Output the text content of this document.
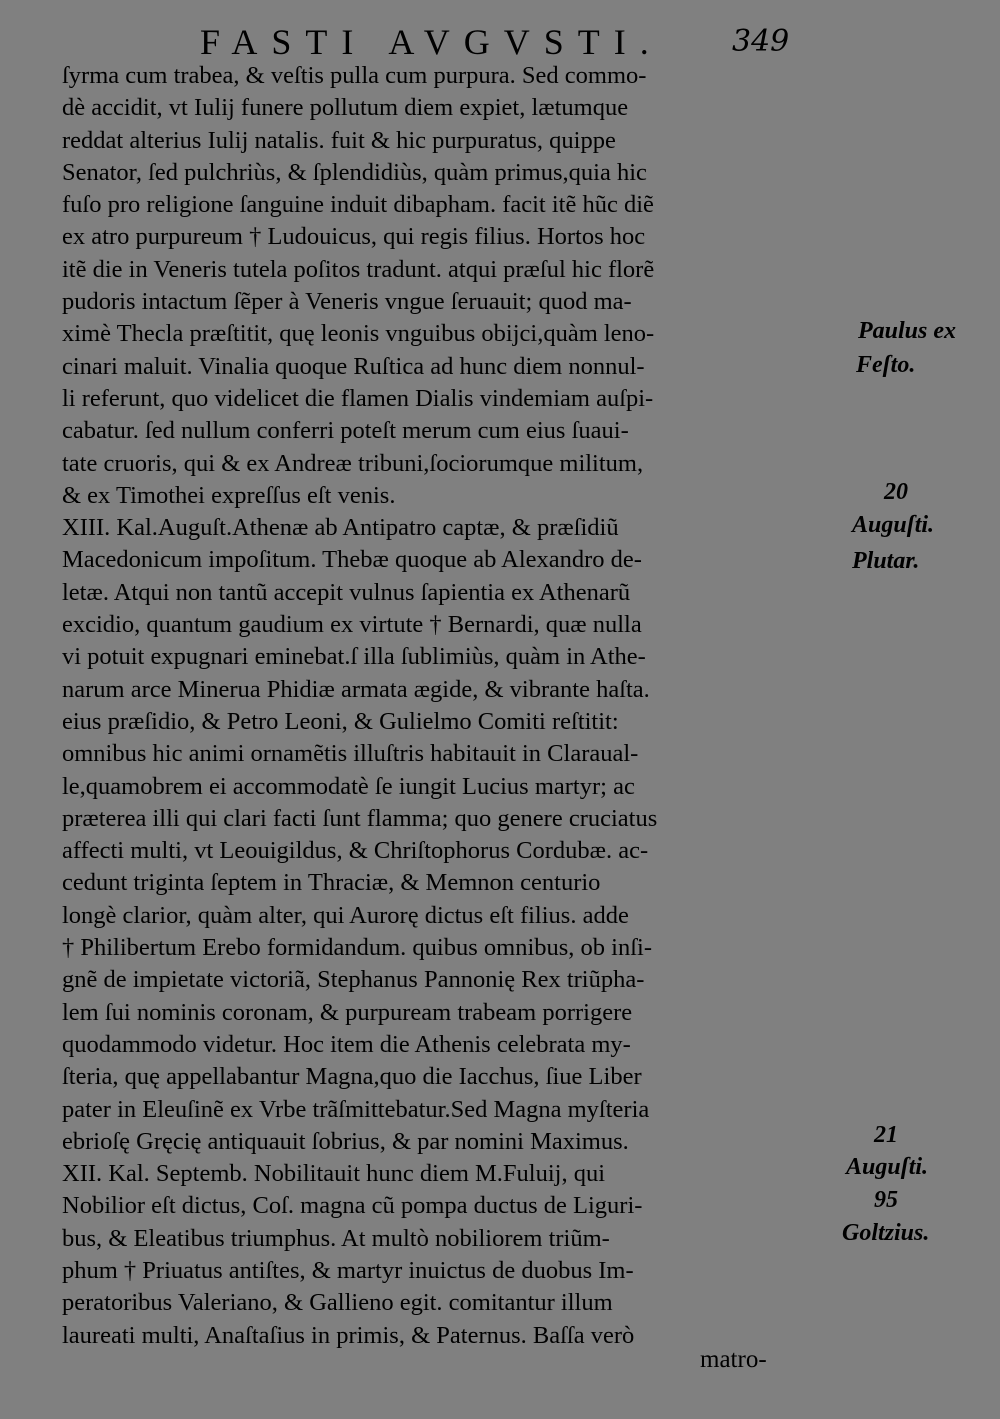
FASTI AVGVSTI. 349
ſyrma cum trabea, & veſtis pulla cum purpura. Sed commo-
dè accidit, vt Iulij funere pollutum diem expiet, lætumque
reddat alterius Iulij natalis. fuit & hic purpuratus, quippe
Senator, ſed pulchriùs, & ſplendidiùs, quàm primus,quia hic
fuſo pro religione ſanguine induit dibapham. facit itẽ hũc diẽ
ex atro purpureum † Ludouicus, qui regis filius. Hortos hoc
itẽ die in Veneris tutela poſitos tradunt. atqui præſul hic florẽ
pudoris intactum ſẽper à Veneris vngue ſeruauit; quod ma-
ximè Thecla præſtitit, quę leonis vnguibus obijci,quàm leno-
cinari maluit. Vinalia quoque Ruſtica ad hunc diem nonnul-
li referunt, quo videlicet die flamen Dialis vindemiam auſpi-
cabatur. ſed nullum conferri poteſt merum cum eius ſuaui-
tate cruoris, qui & ex Andreæ tribuni,ſociorumque militum,
& ex Timothei expreſſus eſt venis.
XIII. Kal.Auguſt.Athenæ ab Antipatro captæ, & præſidiũ
Macedonicum impoſitum. Thebæ quoque ab Alexandro de-
letæ. Atqui non tantũ accepit vulnus ſapientia ex Athenarũ
excidio, quantum gaudium ex virtute † Bernardi, quæ nulla
vi potuit expugnari eminebat.ſ illa ſublimiùs, quàm in Athe-
narum arce Minerua Phidiæ armata ægide, & vibrante haſta.
eius præſidio, & Petro Leoni, & Gulielmo Comiti reſtitit:
omnibus hic animi ornamẽtis illuſtris habitauit in Claraual-
le,quamobrem ei accommodatè ſe iungit Lucius martyr; ac
præterea illi qui clari facti ſunt flamma; quo genere cruciatus
affecti multi, vt Leouigildus, & Chriſtophorus Cordubæ. ac-
cedunt triginta ſeptem in Thraciæ, & Memnon centurio
longè clarior, quàm alter, qui Aurorę dictus eſt filius. adde
† Philibertum Erebo formidandum. quibus omnibus, ob inſi-
gnẽ de impietate victoriã, Stephanus Pannonię Rex triũpha-
lem ſui nominis coronam, & purpuream trabeam porrigere
quodammodo videtur. Hoc item die Athenis celebrata my-
ſteria, quę appellabantur Magna,quo die Iacchus, ſiue Liber
pater in Eleuſinẽ ex Vrbe trãſmittebatur.Sed Magna myſteria
ebrioſę Gręcię antiquauit ſobrius, & par nomini Maximus.
XII. Kal. Septemb. Nobilitauit hunc diem M.Fuluij, qui
Nobilior eſt dictus, Coſ. magna cũ pompa ductus de Liguri-
bus, & Eleatibus triumphus. At multò nobiliorem triũm-
phum † Priuatus antiſtes, & martyr inuictus de duobus Im-
peratoribus Valeriano, & Gallieno egit. comitantur illum
laureati multi, Anaſtaſius in primis, & Paternus. Baſſa verò
Paulus ex
Feſto.
20
Auguſti.
Plutar.
21
Auguſti.
95
Goltzius.
matro-
